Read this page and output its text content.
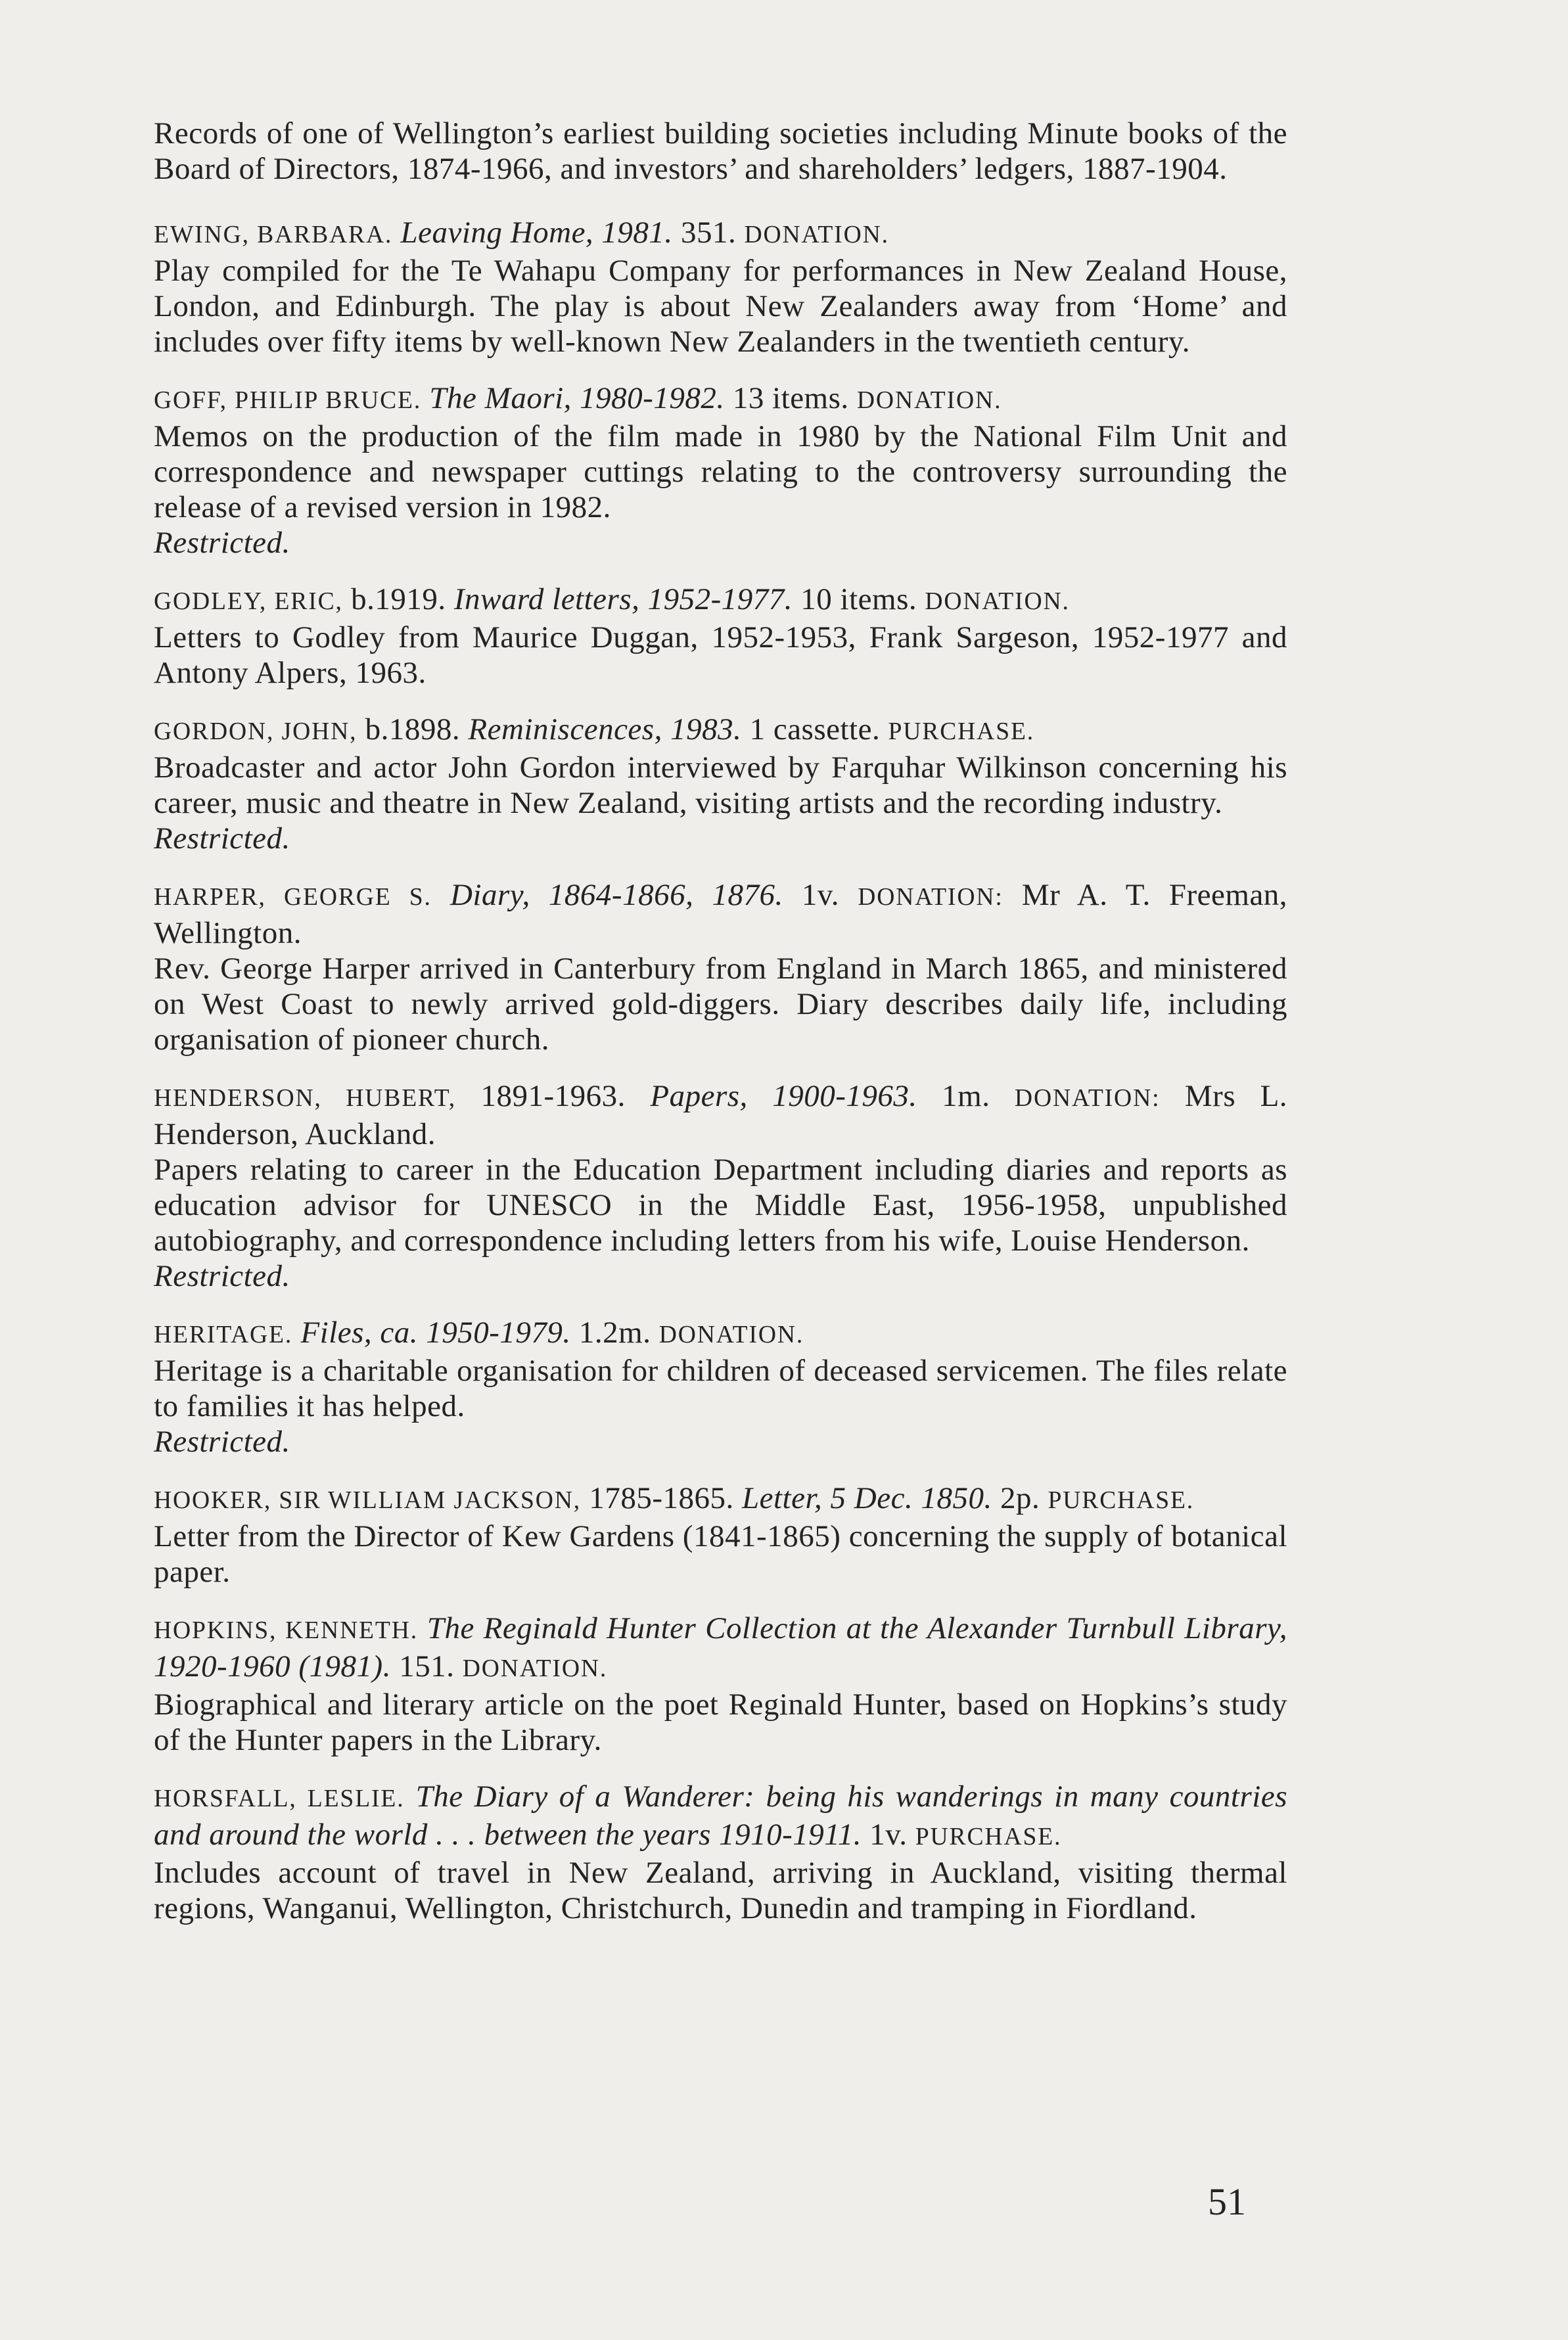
Records of one of Wellington’s earliest building societies including Minute books of the Board of Directors, 1874-1966, and investors’ and shareholders’ ledgers, 1887-1904.

EWING, BARBARA. Leaving Home, 1981. 351. DONATION.

Play compiled for the Te Wahapu Company for performances in New Zealand House, London, and Edinburgh. The play is about New Zealanders away from ‘Home’ and includes over fifty items by well-known New Zealanders in the twentieth century.

GOFF, PHILIP BRUCE. The Maori, 1980-1982. 13 items. DONATION.

Memos on the production of the film made in 1980 by the National Film Unit and correspondence and newspaper cuttings relating to the controversy surrounding the release of a revised version in 1982.

Restricted.

GODLEY, ERIC, b.1919. Inward letters, 1952-1977. 10 items. DONATION.

Letters to Godley from Maurice Duggan, 1952-1953, Frank Sargeson, 1952-1977 and Antony Alpers, 1963.

GORDON, JOHN, b.1898. Reminiscences, 1983. 1 cassette. PURCHASE.

Broadcaster and actor John Gordon interviewed by Farquhar Wilkinson concerning his career, music and theatre in New Zealand, visiting artists and the recording industry.

Restricted.

HARPER, GEORGE S. Diary, 1864-1866, 1876. 1v. DONATION: Mr A. T. Freeman, Wellington.

Rev. George Harper arrived in Canterbury from England in March 1865, and ministered on West Coast to newly arrived gold-diggers. Diary describes daily life, including organisation of pioneer church.

HENDERSON, HUBERT, 1891-1963. Papers, 1900-1963. 1m. DONATION: Mrs L. Henderson, Auckland.

Papers relating to career in the Education Department including diaries and reports as education advisor for UNESCO in the Middle East, 1956-1958, unpublished autobiography, and correspondence including letters from his wife, Louise Henderson.

Restricted.

HERITAGE. Files, ca. 1950-1979. 1.2m. DONATION.

Heritage is a charitable organisation for children of deceased servicemen. The files relate to families it has helped.

Restricted.

HOOKER, SIR WILLIAM JACKSON, 1785-1865. Letter, 5 Dec. 1850. 2p. PURCHASE.

Letter from the Director of Kew Gardens (1841-1865) concerning the supply of botanical paper.

HOPKINS, KENNETH. The Reginald Hunter Collection at the Alexander Turnbull Library, 1920-1960 (1981). 151. DONATION.

Biographical and literary article on the poet Reginald Hunter, based on Hopkins’s study of the Hunter papers in the Library.

HORSFALL, LESLIE. The Diary of a Wanderer: being his wanderings in many countries and around the world . . . between the years 1910-1911. 1v. PURCHASE.

Includes account of travel in New Zealand, arriving in Auckland, visiting thermal regions, Wanganui, Wellington, Christchurch, Dunedin and tramping in Fiordland.

51
